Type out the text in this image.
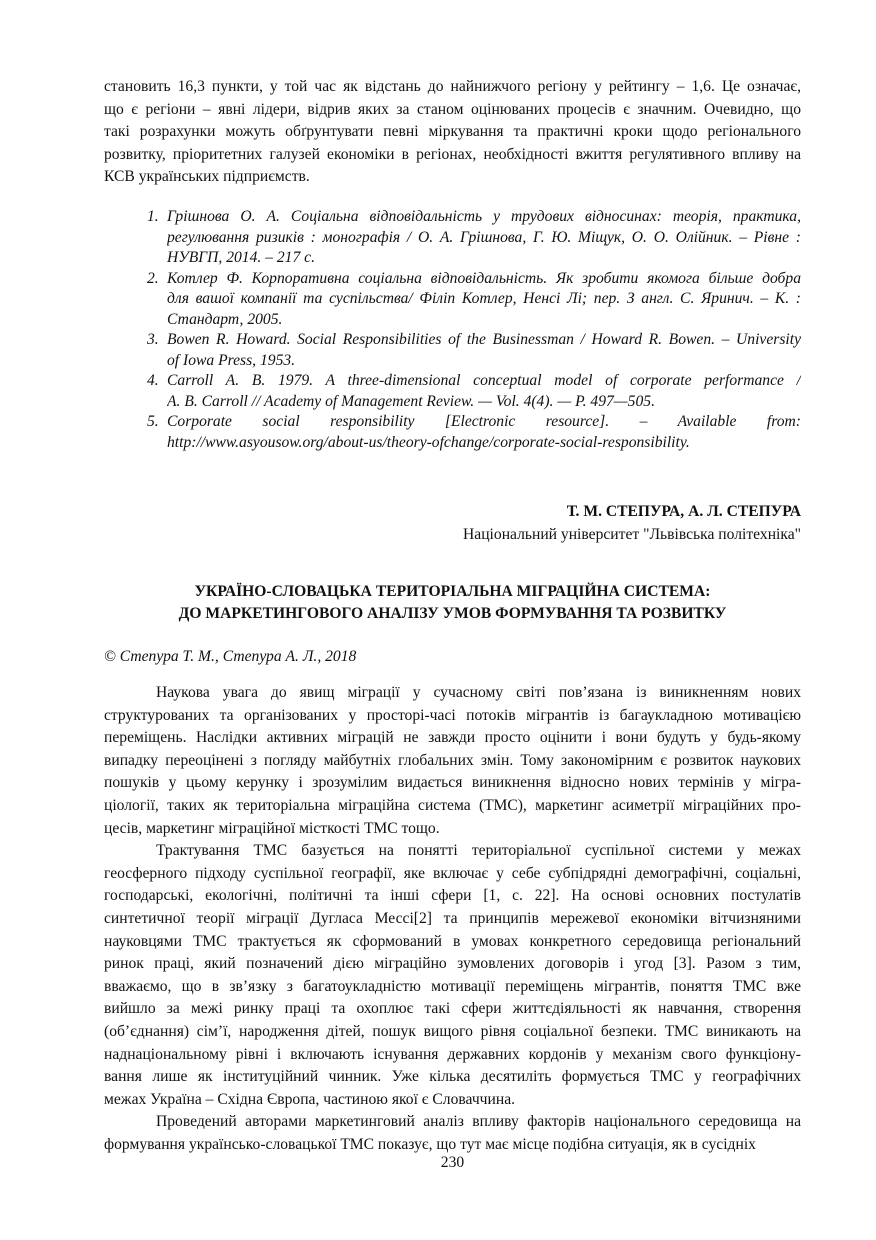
становить 16,3 пункти, у той час як відстань до найнижчого регіону у рейтингу – 1,6. Це означає,
що є регіони – явні лідери, відрив яких за станом оцінюваних процесів є значним. Очевидно, що
такі розрахунки можуть обґрунтувати певні міркування та практичні кроки щодо регіонального
розвитку, пріоритетних галузей економіки в регіонах, необхідності вжиття регулятивного впливу на
КСВ українських підприємств.
1. Грішнова О. А. Соціальна відповідальність у трудових відносинах: теорія, практика,
регулювання ризиків : монографія / О. А. Грішнова, Г. Ю. Міщук, О. О. Олійник. – Рівне :
НУВГП, 2014. – 217 с.
2. Котлер Ф. Корпоративна соціальна відповідальність. Як зробити якомога більше добра
для вашої компанії та суспільства/ Філіп Котлер, Ненсі Лі; пер. З англ. С. Яринич. – К. :
Стандарт, 2005.
3. Bowen R. Howard. Social Responsibilities of the Businessman / Howard R. Bowen. – University
of Iowa Press, 1953.
4. Carroll A. B. 1979. A three-dimensional conceptual model of corporate performance /
A. B. Carroll // Academy of Management Review. — Vol. 4(4). — P. 497—505.
5. Corporate social responsibility [Electronic resource]. – Available from:
http://www.asyousow.org/about-us/theory-ofchange/corporate-social-responsibility.
Т. М. СТЕПУРА, А. Л. СТЕПУРА
Національний університет "Львівська політехніка"
УКРАЇНО-СЛОВАЦЬКА ТЕРИТОРІАЛЬНА МІГРАЦІЙНА СИСТЕМА:
ДО МАРКЕТИНГОВОГО АНАЛІЗУ УМОВ ФОРМУВАННЯ ТА РОЗВИТКУ
© Степура Т. М., Степура А. Л., 2018
Наукова увага до явищ міграції у сучасному світі пов’язана із виникненням нових
структурованих та організованих у просторі-часі потоків мігрантів із багаукладною мотивацією
переміщень. Наслідки активних міграцій не завжди просто оцінити і вони будуть у будь-якому
випадку переоцінені з погляду майбутніх глобальних змін. Тому закономірним є розвиток наукових
пошуків у цьому керунку і зрозумілим видається виникнення відносно нових термінів у мігра-
ціології, таких як територіальна міграційна система (ТМС), маркетинг асиметрії міграційних про-
цесів, маркетинг міграційної місткості ТМС тощо.
Трактування ТМС базується на понятті територіальної суспільної системи у межах
геосферного підходу суспільної географії, яке включає у себе субпідрядні демографічні, соціальні,
господарські, екологічні, політичні та інші сфери [1, с. 22]. На основі основних постулатів
синтетичної теорії міграції Дугласа Мессі[2] та принципів мережевої економіки вітчизняними
науковцями ТМС трактується як сформований в умовах конкретного середовища регіональний
ринок праці, який позначений дією міграційно зумовлених договорів і угод [3]. Разом з тим,
вважаємо, що в зв’язку з багатоукладністю мотивації переміщень мігрантів, поняття ТМС вже
вийшло за межі ринку праці та охоплює такі сфери життєдіяльності як навчання, створення
(об’єднання) сім’ї, народження дітей, пошук вищого рівня соціальної безпеки. ТМС виникають на
наднаціональному рівні і включають існування державних кордонів у механізм свого функціону-
вання лише як інституційний чинник. Уже кілька десятиліть формується ТМС у географічних
межах Україна – Східна Європа, частиною якої є Словаччина.
Проведений авторами маркетинговий аналіз впливу факторів національного середовища на
формування українсько-словацької ТМС показує, що тут має місце подібна ситуація, як в сусідніх
230
